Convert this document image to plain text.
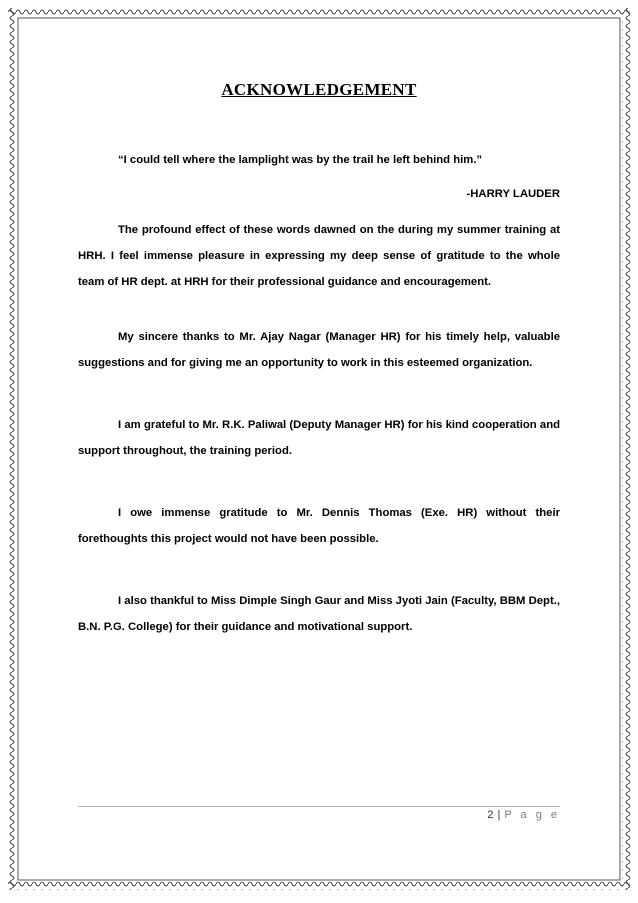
ACKNOWLEDGEMENT
“I could tell where the lamplight was by the trail he left behind him.”
-HARRY LAUDER

The profound effect of these words dawned on the during my summer training at HRH. I feel immense pleasure in expressing my deep sense of gratitude to the whole team of HR dept. at HRH for their professional guidance and encouragement.

My sincere thanks to Mr. Ajay Nagar (Manager HR) for his timely help, valuable suggestions and for giving me an opportunity to work in this esteemed organization.

I am grateful to Mr. R.K. Paliwal (Deputy Manager HR) for his kind cooperation and support throughout, the training period.

I owe immense gratitude to Mr. Dennis Thomas (Exe. HR) without their forethoughts this project would not have been possible.

I also thankful to Miss Dimple Singh Gaur and Miss Jyoti Jain (Faculty, BBM Dept., B.N. P.G. College) for their guidance and motivational support.

2 | P a g e
